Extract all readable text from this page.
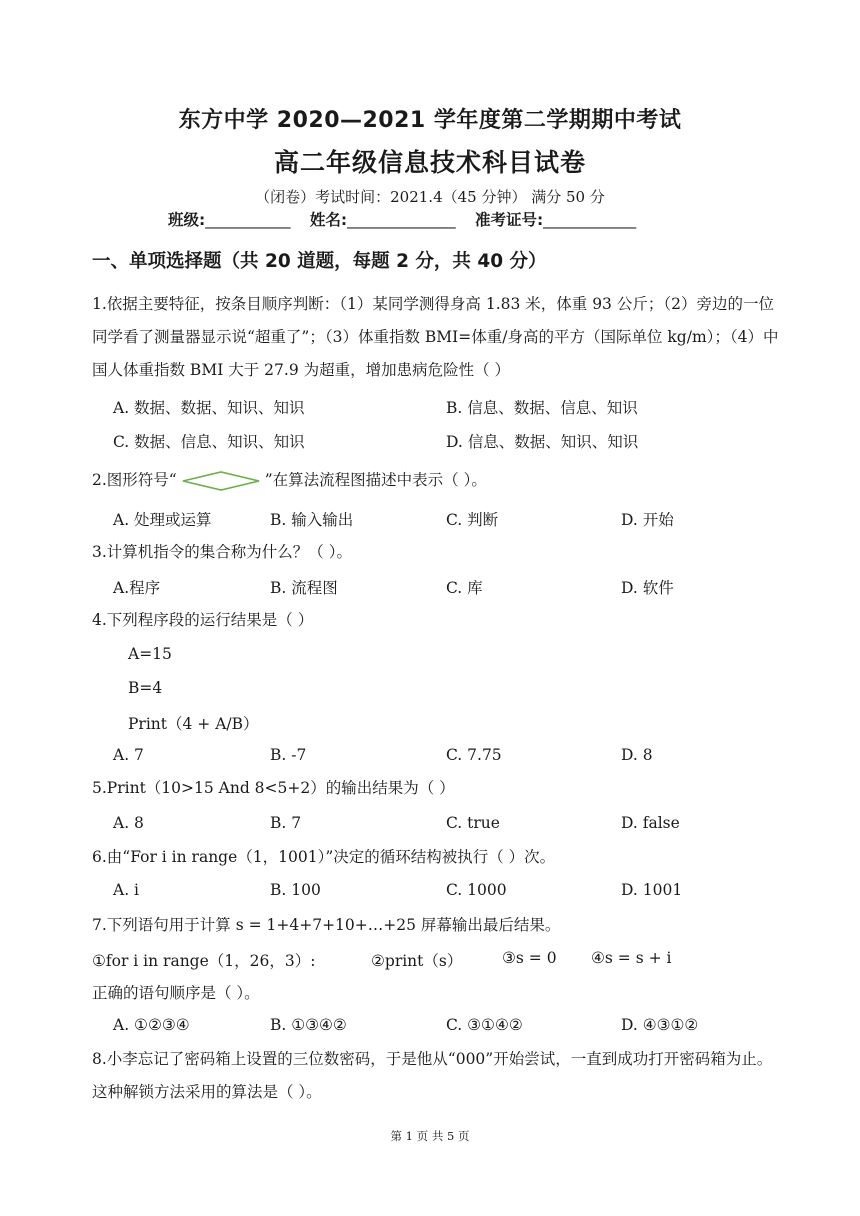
东方中学 2020—2021 学年度第二学期期中考试
高二年级信息技术科目试卷
（闭卷）考试时间：2021.4（45 分钟） 满分 50 分
班级:___________ 姓名:______________ 准考证号:____________
一、单项选择题（共 20 道题，每题 2 分，共 40 分）
1.依据主要特征，按条目顺序判断：（1）某同学测得身高 1.83 米，体重 93 公斤；（2）旁边的一位同学看了测量器显示说“超重了”；（3）体重指数 BMI=体重/身高的平方（国际单位 kg/m）；（4）中国人体重指数 BMI 大于 27.9 为超重，增加患病危险性（ ）
A. 数据、数据、知识、知识	B. 信息、数据、信息、知识
C. 数据、信息、知识、知识	D. 信息、数据、知识、知识
2.图形符号“	”在算法流程图描述中表示（ ）。
A. 处理或运算	B. 输入输出	C. 判断	D. 开始
3.计算机指令的集合称为什么？（ ）。
A.程序	B. 流程图	C. 库	D. 软件
4.下列程序段的运行结果是（ ）
A=15
B=4
Print（4 + A/B）
A. 7	B. -7	C. 7.75	D. 8
5.Print（10>15 And 8<5+2）的输出结果为（ ）
A. 8	B. 7	C. true	D. false
6.由“For i in range（1，1001）”决定的循环结构被执行（ ）次。
A. i	B. 100	C. 1000	D. 1001
7.下列语句用于计算 s = 1+4+7+10+…+25 屏幕输出最后结果。
①for i in range（1，26，3）:	②print（s）	③s = 0 ④s = s + i
正确的语句顺序是（ ）。
A. ①②③④	B. ①③④②	C. ③①④②	D. ④③①②
8.小李忘记了密码箱上设置的三位数密码，于是他从“000”开始尝试，一直到成功打开密码箱为止。这种解锁方法采用的算法是（ ）。
第 1 页 共 5 页
